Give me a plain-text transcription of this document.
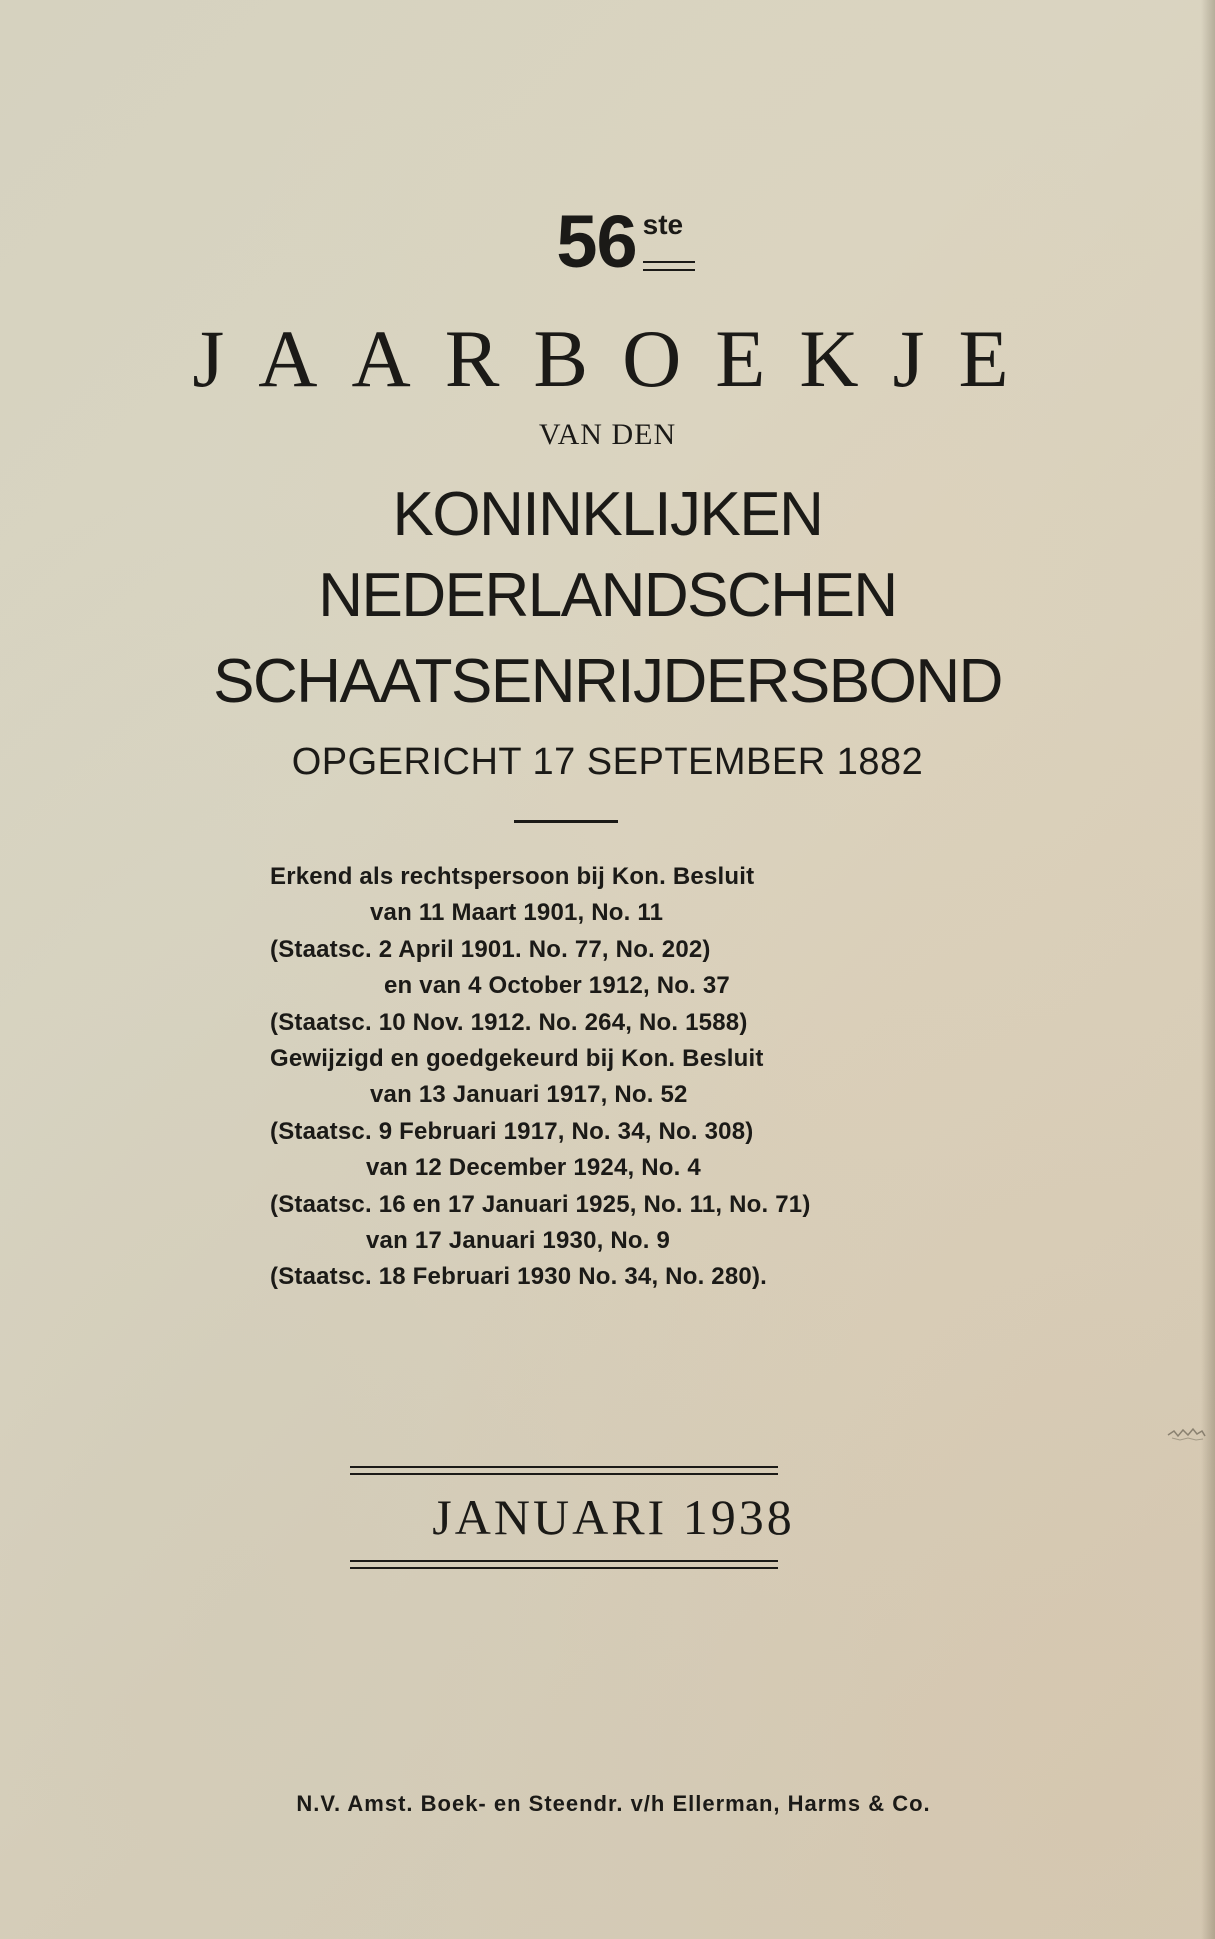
56 ste
JAARBOEKJE
VAN DEN
KONINKLIJKEN
NEDERLANDSCHEN
SCHAATSENRIJDERSBOND
OPGERICHT 17 SEPTEMBER 1882
Erkend als rechtspersoon bij Kon. Besluit
van 11 Maart 1901, No. 11
(Staatsc. 2 April 1901. No. 77, No. 202)
en van 4 October 1912, No. 37
(Staatsc. 10 Nov. 1912. No. 264, No. 1588)
Gewijzigd en goedgekeurd bij Kon. Besluit
van 13 Januari 1917, No. 52
(Staatsc. 9 Februari 1917, No. 34, No. 308)
van 12 December 1924, No. 4
(Staatsc. 16 en 17 Januari 1925, No. 11, No. 71)
van 17 Januari 1930, No. 9
(Staatsc. 18 Februari 1930 No. 34, No. 280).
JANUARI 1938
N.V. Amst. Boek- en Steendr. v/h Ellerman, Harms & Co.
